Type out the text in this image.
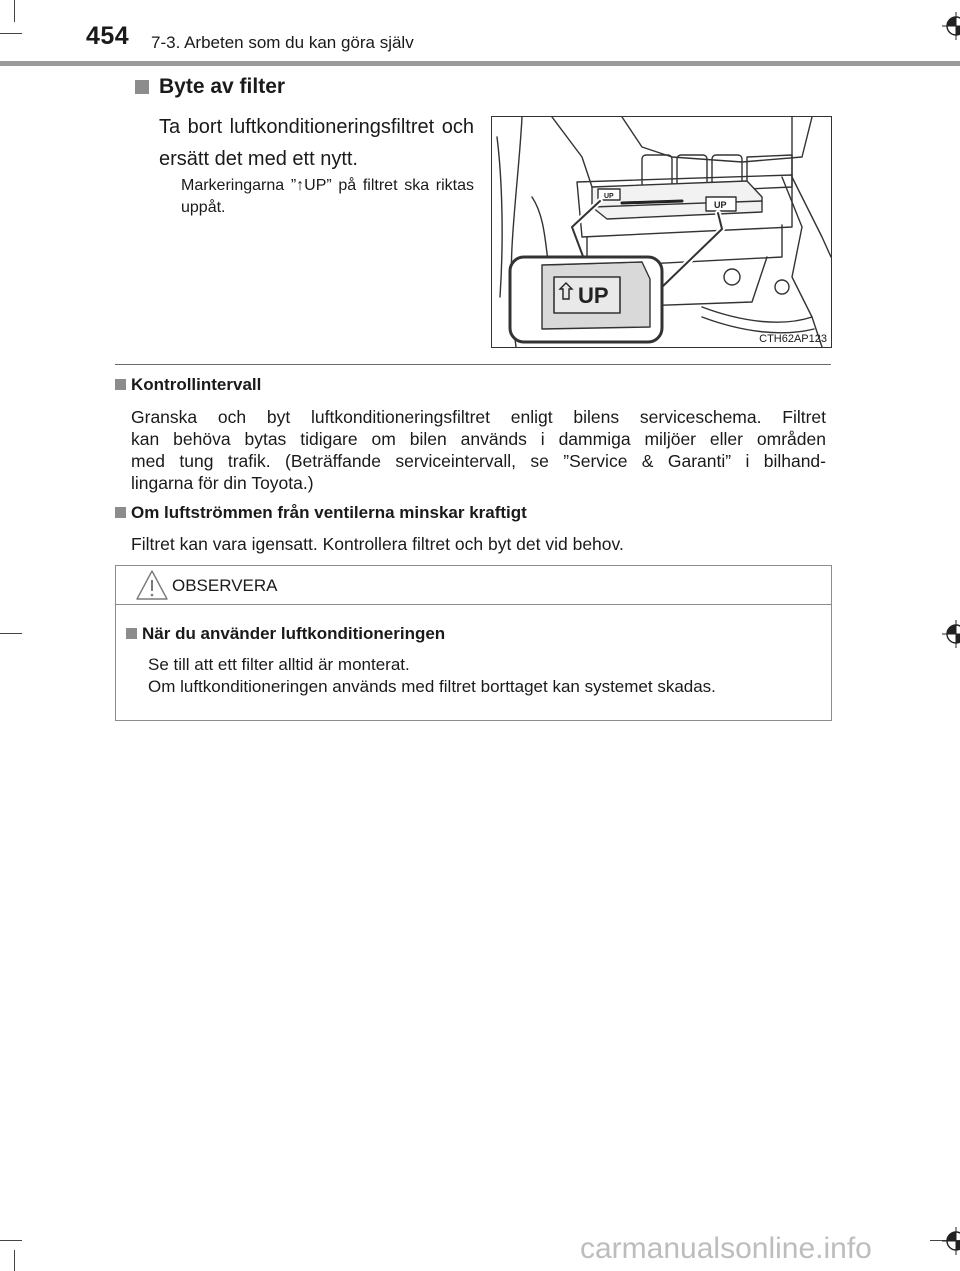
454 7-3. Arbeten som du kan göra själv
Byte av filter
Ta bort luftkonditioneringsfiltret och ersätt det med ett nytt.
Markeringarna ”↑UP” på filtret ska riktas uppåt.
UP
UP
UP
CTH62AP123
Kontrollintervall
Granska och byt luftkonditioneringsfiltret enligt bilens serviceschema. Filtret
kan behöva bytas tidigare om bilen används i dammiga miljöer eller områden
med tung trafik. (Beträffande serviceintervall, se ”Service & Garanti” i bilhand-
lingarna för din Toyota.)
Om luftströmmen från ventilerna minskar kraftigt
Filtret kan vara igensatt. Kontrollera filtret och byt det vid behov.
OBSERVERA
När du använder luftkonditioneringen
Se till att ett filter alltid är monterat.
Om luftkonditioneringen används med filtret borttaget kan systemet skadas.
carmanualsonline.info
